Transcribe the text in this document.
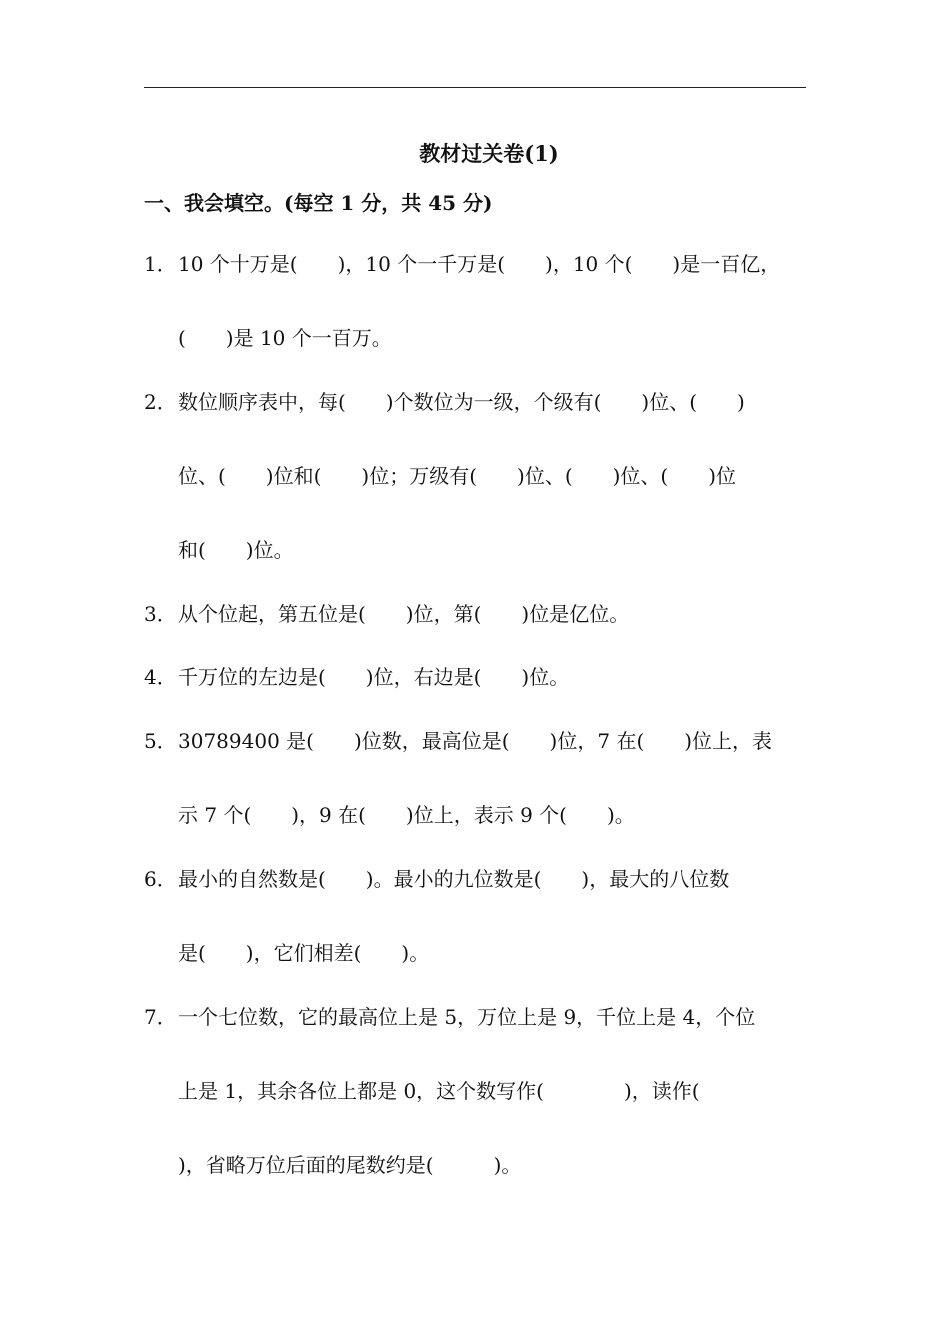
教材过关卷(1)
一、我会填空。(每空 1 分，共 45 分)
1． 10 个十万是(　　)，10 个一千万是(　　)，10 个(　　)是一百亿，
(　　)是 10 个一百万。
2． 数位顺序表中，每(　　)个数位为一级，个级有(　　)位、(　　)
位、(　　)位和(　　)位；万级有(　　)位、(　　)位、(　　)位
和(　　)位。
3． 从个位起，第五位是(　　)位，第(　　)位是亿位。
4． 千万位的左边是(　　)位，右边是(　　)位。
5． 30789400 是(　　)位数，最高位是(　　)位，7 在(　　)位上，表
示 7 个(　　)，9 在(　　)位上，表示 9 个(　　)。
6． 最小的自然数是(　　)。最小的九位数是(　　)，最大的八位数
是(　　)，它们相差(　　)。
7． 一个七位数，它的最高位上是 5，万位上是 9，千位上是 4，个位
上是 1，其余各位上都是 0，这个数写作(　　　　)，读作(
)，省略万位后面的尾数约是(　　　)。
